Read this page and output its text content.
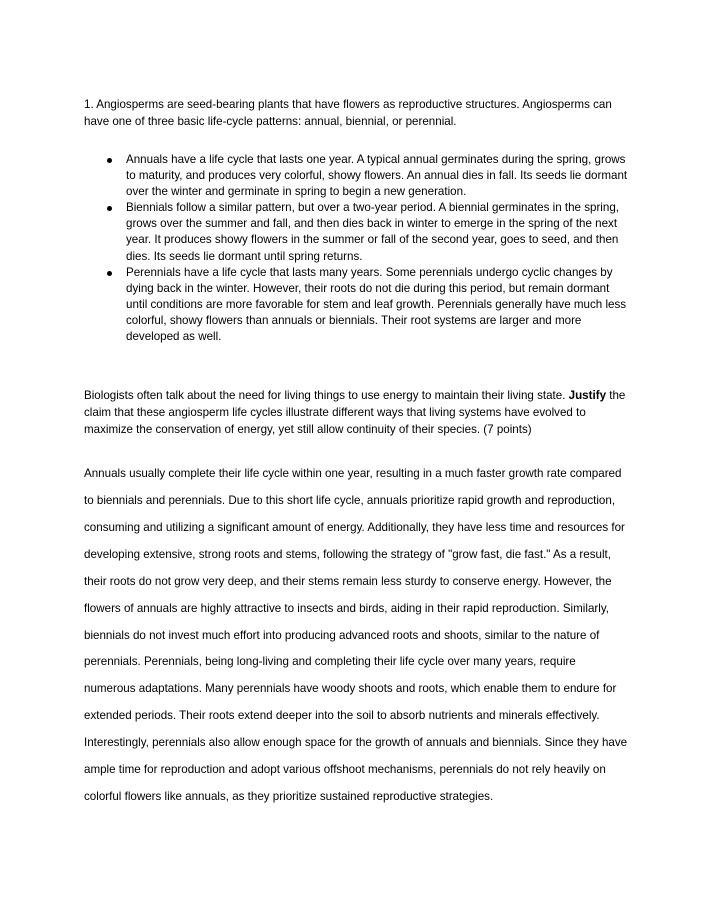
1. Angiosperms are seed-bearing plants that have flowers as reproductive structures. Angiosperms can have one of three basic life-cycle patterns: annual, biennial, or perennial.

Annuals have a life cycle that lasts one year. A typical annual germinates during the spring, grows to maturity, and produces very colorful, showy flowers. An annual dies in fall. Its seeds lie dormant over the winter and germinate in spring to begin a new generation.
Biennials follow a similar pattern, but over a two-year period. A biennial germinates in the spring, grows over the summer and fall, and then dies back in winter to emerge in the spring of the next year. It produces showy flowers in the summer or fall of the second year, goes to seed, and then dies. Its seeds lie dormant until spring returns.
Perennials have a life cycle that lasts many years. Some perennials undergo cyclic changes by dying back in the winter. However, their roots do not die during this period, but remain dormant until conditions are more favorable for stem and leaf growth. Perennials generally have much less colorful, showy flowers than annuals or biennials. Their root systems are larger and more developed as well.

Biologists often talk about the need for living things to use energy to maintain their living state. Justify the claim that these angiosperm life cycles illustrate different ways that living systems have evolved to maximize the conservation of energy, yet still allow continuity of their species. (7 points)

Annuals usually complete their life cycle within one year, resulting in a much faster growth rate compared to biennials and perennials. Due to this short life cycle, annuals prioritize rapid growth and reproduction, consuming and utilizing a significant amount of energy. Additionally, they have less time and resources for developing extensive, strong roots and stems, following the strategy of "grow fast, die fast." As a result, their roots do not grow very deep, and their stems remain less sturdy to conserve energy. However, the flowers of annuals are highly attractive to insects and birds, aiding in their rapid reproduction. Similarly, biennials do not invest much effort into producing advanced roots and shoots, similar to the nature of perennials. Perennials, being long-living and completing their life cycle over many years, require numerous adaptations. Many perennials have woody shoots and roots, which enable them to endure for extended periods. Their roots extend deeper into the soil to absorb nutrients and minerals effectively. Interestingly, perennials also allow enough space for the growth of annuals and biennials. Since they have ample time for reproduction and adopt various offshoot mechanisms, perennials do not rely heavily on colorful flowers like annuals, as they prioritize sustained reproductive strategies.
